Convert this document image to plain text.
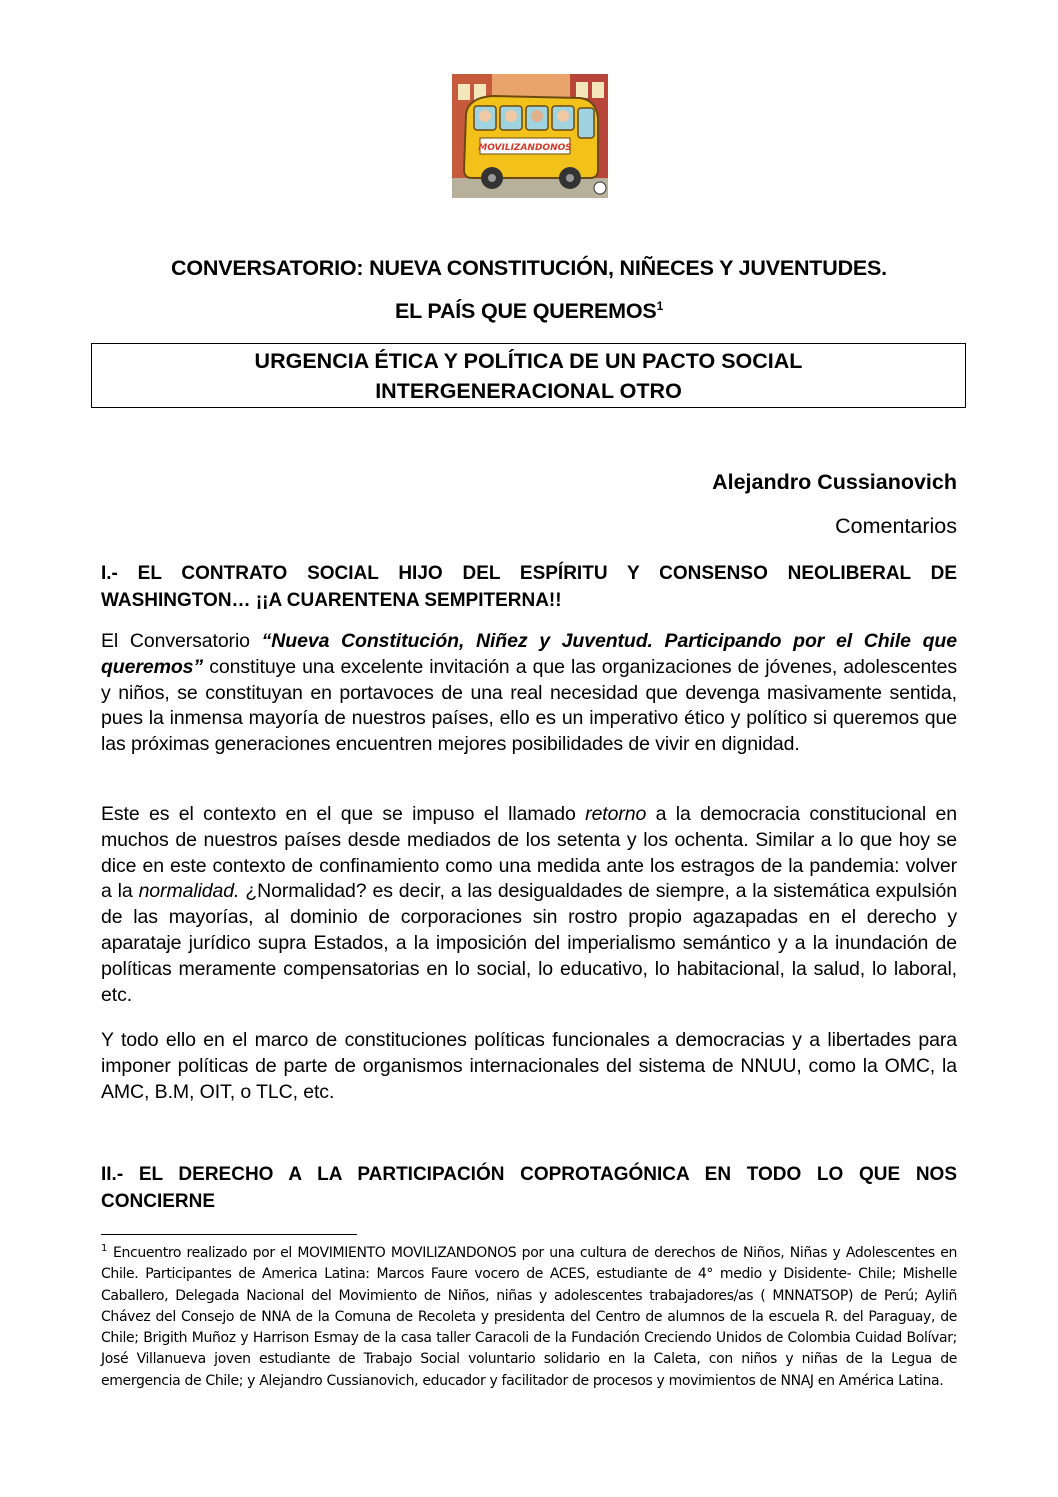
MOVILIZANDONOS
CONVERSATORIO: NUEVA CONSTITUCIÓN, NIÑECES Y JUVENTUDES.
EL PAÍS QUE QUEREMOS$^1$
URGENCIA ÉTICA Y POLÍTICA DE UN PACTO SOCIAL
INTERGENERACIONAL OTRO
Alejandro Cussianovich
Comentarios
I.- EL CONTRATO SOCIAL HIJO DEL ESPÍRITU Y CONSENSO NEOLIBERAL DE WASHINGTON… ¡¡A CUARENTENA SEMPITERNA!!
El Conversatorio “Nueva Constitución, Niñez y Juventud. Participando por el Chile que queremos” constituye una excelente invitación a que las organizaciones de jóvenes, adolescentes y niños, se constituyan en portavoces de una real necesidad que devenga masivamente sentida, pues la inmensa mayoría de nuestros países, ello es un imperativo ético y político si queremos que las próximas generaciones encuentren mejores posibilidades de vivir en dignidad.
Este es el contexto en el que se impuso el llamado retorno a la democracia constitucional en muchos de nuestros países desde mediados de los setenta y los ochenta. Similar a lo que hoy se dice en este contexto de confinamiento como una medida ante los estragos de la pandemia: volver a la normalidad. ¿Normalidad? es decir, a las desigualdades de siempre, a la sistemática expulsión de las mayorías, al dominio de corporaciones sin rostro propio agazapadas en el derecho y aparataje jurídico supra Estados, a la imposición del imperialismo semántico y a la inundación de políticas meramente compensatorias en lo social, lo educativo, lo habitacional, la salud, lo laboral, etc.
Y todo ello en el marco de constituciones políticas funcionales a democracias y a libertades para imponer políticas de parte de organismos internacionales del sistema de NNUU, como la OMC, la AMC, B.M, OIT, o TLC, etc.
II.- EL DERECHO A LA PARTICIPACIÓN COPROTAGÓNICA EN TODO LO QUE NOS CONCIERNE
$^1$ Encuentro realizado por el MOVIMIENTO MOVILIZANDONOS por una cultura de derechos de Niños, Niñas y Adolescentes en Chile. Participantes de America Latina: Marcos Faure vocero de ACES, estudiante de 4° medio y Disidente- Chile; Mishelle Caballero, Delegada Nacional del Movimiento de Niños, niñas y adolescentes trabajadores/as ( MNNATSOP) de Perú; Ayliñ Chávez del Consejo de NNA de la Comuna de Recoleta y presidenta del Centro de alumnos de la escuela R. del Paraguay, de Chile; Brigith Muñoz y Harrison Esmay de la casa taller Caracoli de la Fundación Creciendo Unidos de Colombia Cuidad Bolívar; José Villanueva joven estudiante de Trabajo Social voluntario solidario en la Caleta, con niños y niñas de la Legua de emergencia de Chile; y Alejandro Cussianovich, educador y facilitador de procesos y movimientos de NNAJ en América Latina.
